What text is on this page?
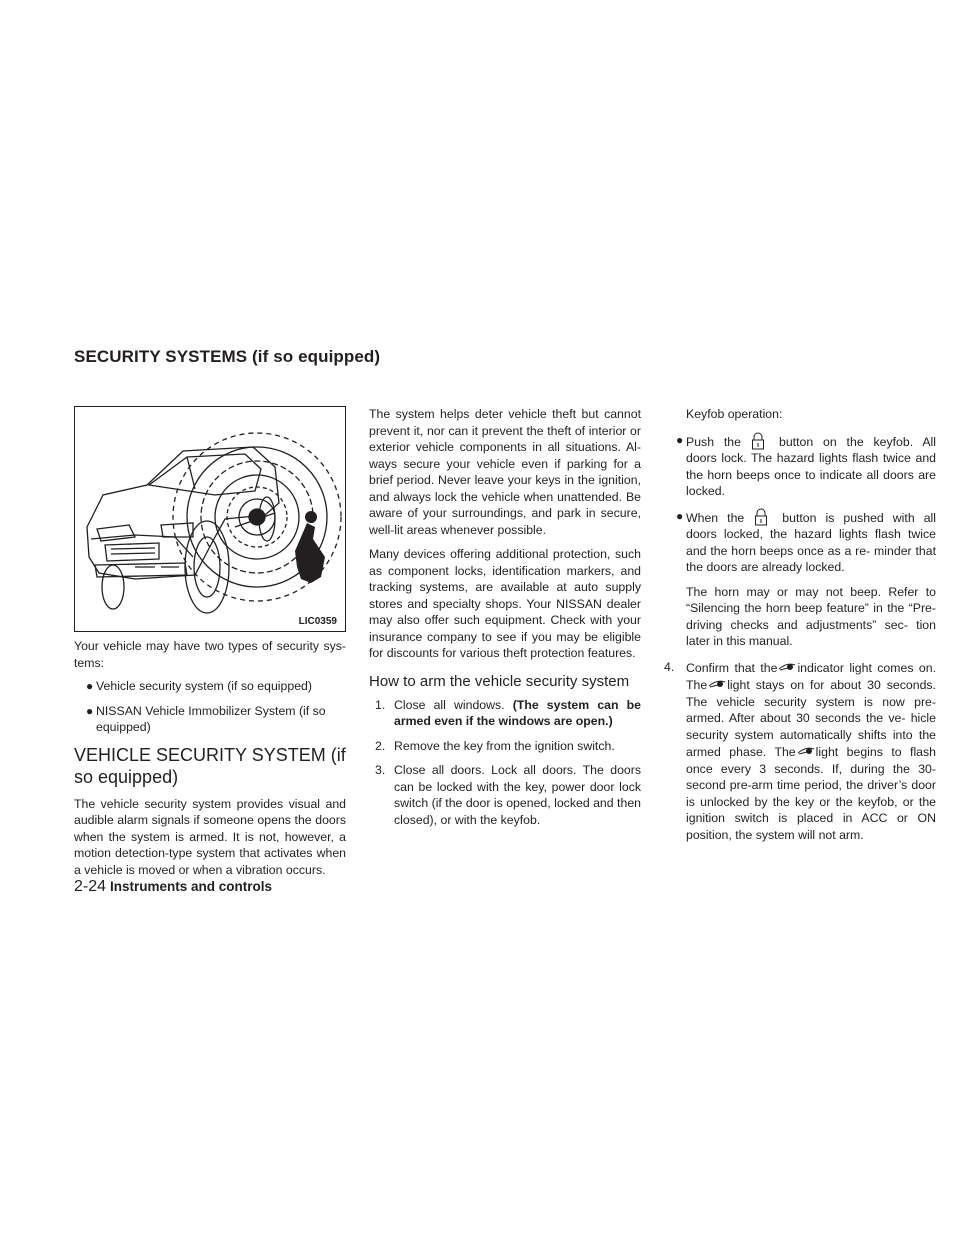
SECURITY SYSTEMS (if so equipped)
LIC0359

Your vehicle may have two types of security sys- tems:

● Vehicle security system (if so equipped)
● NISSAN Vehicle Immobilizer System (if so equipped)
VEHICLE SECURITY SYSTEM (if so equipped)

The vehicle security system provides visual and audible alarm signals if someone opens the doors when the system is armed. It is not, however, a motion detection-type system that activates when a vehicle is moved or when a vibration occurs.

The system helps deter vehicle theft but cannot prevent it, nor can it prevent the theft of interior or exterior vehicle components in all situations. Al- ways secure your vehicle even if parking for a brief period. Never leave your keys in the ignition, and always lock the vehicle when unattended. Be aware of your surroundings, and park in secure, well-lit areas whenever possible.

Many devices offering additional protection, such as component locks, identification markers, and tracking systems, are available at auto supply stores and specialty shops. Your NISSAN dealer may also offer such equipment. Check with your insurance company to see if you may be eligible for discounts for various theft protection features.

How to arm the vehicle security system
1. Close all windows. (The system can be armed even if the windows are open.)
2. Remove the key from the ignition switch.
3. Close all doors. Lock all doors. The doors can be locked with the key, power door lock switch (if the door is opened, locked and then closed), or with the keyfob.

Keyfob operation:

● Push the	button on the keyfob. All doors lock. The hazard lights flash twice and the horn beeps once to indicate all doors are locked.
● When the	button is pushed with all doors locked, the hazard lights flash twice and the horn beeps once as a re- minder that the doors are already locked.

The horn may or may not beep. Refer to “Silencing the horn beep feature” in the “Pre-driving checks and adjustments” sec- tion later in this manual.

4. Confirm that the indicator light comes on. The light stays on for about 30 seconds. The vehicle security system is now pre-armed. After about 30 seconds the ve- hicle security system automatically shifts into the armed phase. The light begins to flash once every 3 seconds. If, during the 30-second pre-arm time period, the driver’s door is unlocked by the key or the keyfob, or the ignition switch is placed in ACC or ON position, the system will not arm.
2-24 Instruments and controls
